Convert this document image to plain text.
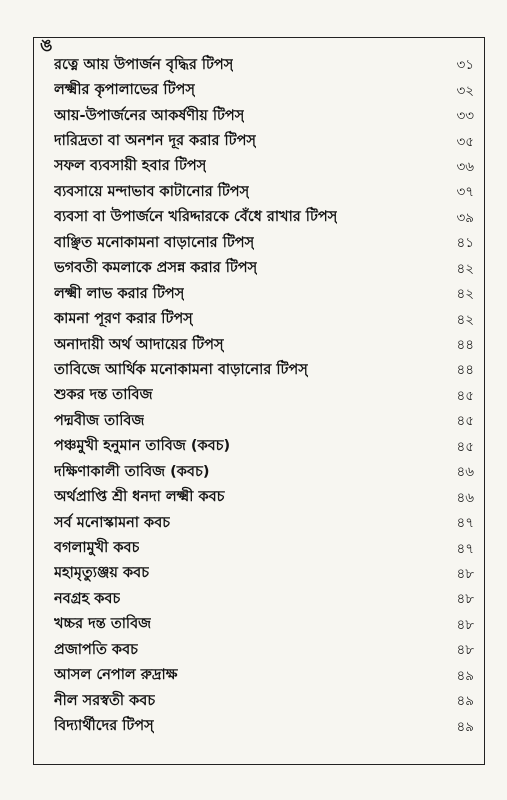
ঙ
রত্নে আয় উপার্জন বৃদ্ধির টিপস্	৩১
লক্ষ্মীর কৃপালাভের টিপস্	৩২
আয়-উপার্জনের আকর্ষণীয় টিপস্	৩৩
দারিদ্রতা বা অনশন দূর করার টিপস্	৩৫
সফল ব্যবসায়ী হবার টিপস্	৩৬
ব্যবসায়ে মন্দাভাব কাটানোর টিপস্	৩৭
ব্যবসা বা উপার্জনে খরিদ্দারকে বেঁধে রাখার টিপস্	৩৯
বাঞ্ছিত মনোকামনা বাড়ানোর টিপস্	৪১
ভগবতী কমলাকে প্রসন্ন করার টিপস্	৪২
লক্ষ্মী লাভ করার টিপস্	৪২
কামনা পূরণ করার টিপস্	৪২
অনাদায়ী অর্থ আদায়ের টিপস্	৪৪
তাবিজে আর্থিক মনোকামনা বাড়ানোর টিপস্	৪৪
শুকর দন্ত তাবিজ	৪৫
পদ্মবীজ তাবিজ	৪৫
পঞ্চমুখী হনুমান তাবিজ (কবচ)	৪৫
দক্ষিণাকালী তাবিজ (কবচ)	৪৬
অর্থপ্রাপ্তি শ্রী ধনদা লক্ষ্মী কবচ	৪৬
সর্ব মনোস্কামনা কবচ	৪৭
বগলামুখী কবচ	৪৭
মহামৃত্যুঞ্জয় কবচ	৪৮
নবগ্রহ কবচ	৪৮
খচ্চর দন্ত তাবিজ	৪৮
প্রজাপতি কবচ	৪৮
আসল নেপাল রুদ্রাক্ষ	৪৯
নীল সরস্বতী কবচ	৪৯
বিদ্যার্থীদের টিপস্	৪৯
